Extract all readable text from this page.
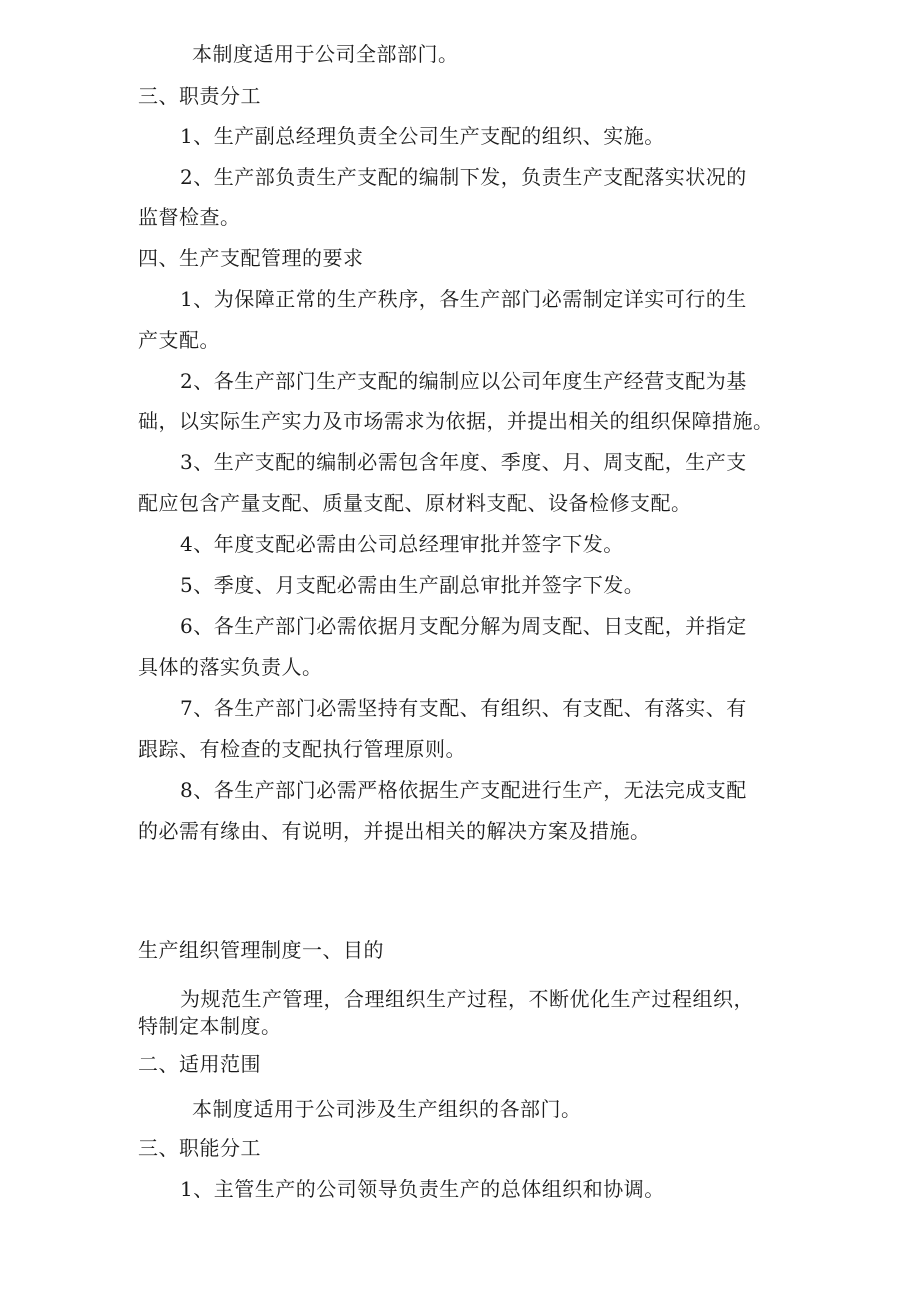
本制度适用于公司全部部门。
三、职责分工
1、生产副总经理负责全公司生产支配的组织、实施。
2、生产部负责生产支配的编制下发，负责生产支配落实状况的
监督检查。
四、生产支配管理的要求
1、为保障正常的生产秩序，各生产部门必需制定详实可行的生
产支配。
2、各生产部门生产支配的编制应以公司年度生产经营支配为基
础，以实际生产实力及市场需求为依据，并提出相关的组织保障措施。
3、生产支配的编制必需包含年度、季度、月、周支配，生产支
配应包含产量支配、质量支配、原材料支配、设备检修支配。
4、年度支配必需由公司总经理审批并签字下发。
5、季度、月支配必需由生产副总审批并签字下发。
6、各生产部门必需依据月支配分解为周支配、日支配，并指定
具体的落实负责人。
7、各生产部门必需坚持有支配、有组织、有支配、有落实、有
跟踪、有检查的支配执行管理原则。
8、各生产部门必需严格依据生产支配进行生产，无法完成支配
的必需有缘由、有说明，并提出相关的解决方案及措施。
生产组织管理制度一、目的
为规范生产管理，合理组织生产过程，不断优化生产过程组织，
特制定本制度。
二、适用范围
本制度适用于公司涉及生产组织的各部门。
三、职能分工
1、主管生产的公司领导负责生产的总体组织和协调。
